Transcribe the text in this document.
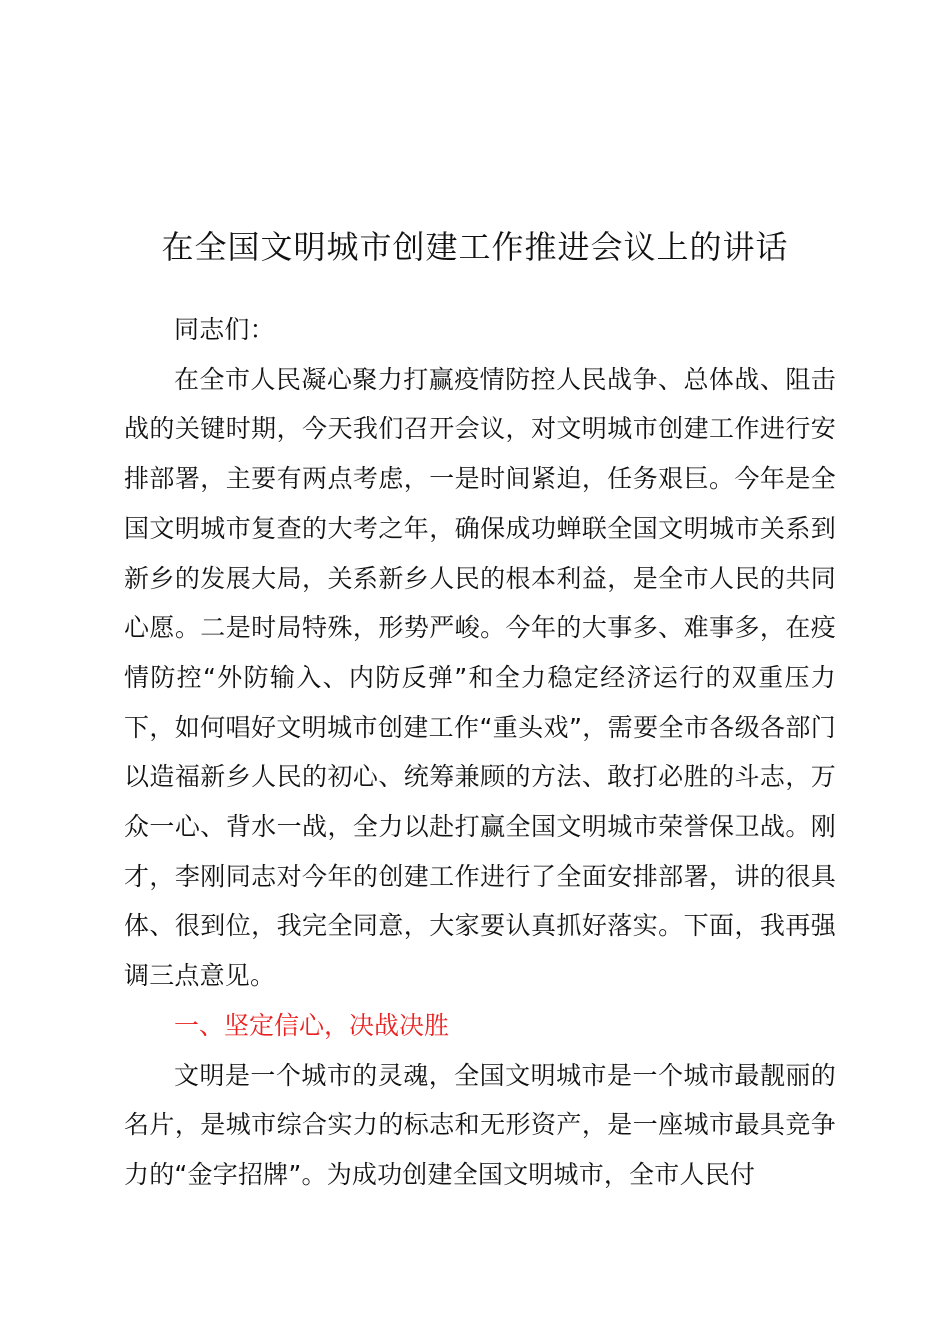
在全国文明城市创建工作推进会议上的讲话

同志们：

在全市人民凝心聚力打赢疫情防控人民战争、总体战、阻击战的关键时期，今天我们召开会议，对文明城市创建工作进行安排部署，主要有两点考虑，一是时间紧迫，任务艰巨。今年是全国文明城市复查的大考之年，确保成功蝉联全国文明城市关系到新乡的发展大局，关系新乡人民的根本利益，是全市人民的共同心愿。二是时局特殊，形势严峻。今年的大事多、难事多，在疫情防控“外防输入、内防反弹”和全力稳定经济运行的双重压力下，如何唱好文明城市创建工作“重头戏”，需要全市各级各部门以造福新乡人民的初心、统筹兼顾的方法、敢打必胜的斗志，万众一心、背水一战，全力以赴打赢全国文明城市荣誉保卫战。刚才，李刚同志对今年的创建工作进行了全面安排部署，讲的很具体、很到位，我完全同意，大家要认真抓好落实。下面，我再强调三点意见。

一、坚定信心，决战决胜

文明是一个城市的灵魂，全国文明城市是一个城市最靓丽的名片，是城市综合实力的标志和无形资产，是一座城市最具竞争力的“金字招牌”。为成功创建全国文明城市，全市人民付
